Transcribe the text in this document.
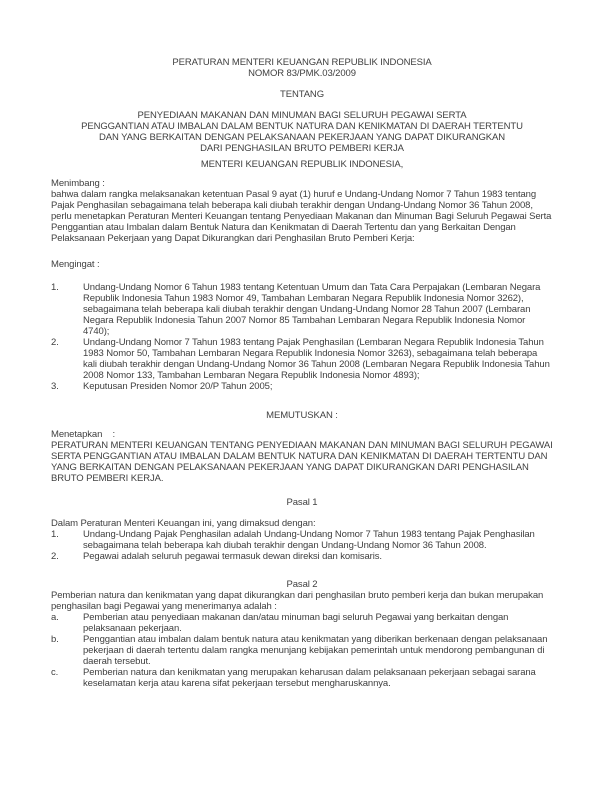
PERATURAN MENTERI KEUANGAN REPUBLIK INDONESIA
NOMOR 83/PMK.03/2009
TENTANG
PENYEDIAAN MAKANAN DAN MINUMAN BAGI SELURUH PEGAWAI SERTA
PENGGANTIAN ATAU IMBALAN DALAM BENTUK NATURA DAN KENIKMATAN DI DAERAH TERTENTU
DAN YANG BERKAITAN DENGAN PELAKSANAAN PEKERJAAN YANG DAPAT DIKURANGKAN
DARI PENGHASILAN BRUTO PEMBERI KERJA
MENTERI KEUANGAN REPUBLIK INDONESIA,
Menimbang :

bahwa dalam rangka melaksanakan ketentuan Pasal 9 ayat (1) huruf e Undang-Undang Nomor 7 Tahun 1983 tentang Pajak Penghasilan sebagaimana telah beberapa kali diubah terakhir dengan Undang-Undang Nomor 36 Tahun 2008, perlu menetapkan Peraturan Menteri Keuangan tentang Penyediaan Makanan dan Minuman Bagi Seluruh Pegawai Serta Penggantian atau Imbalan dalam Bentuk Natura dan Kenikmatan di Daerah Tertentu dan yang Berkaitan Dengan Pelaksanaan Pekerjaan yang Dapat Dikurangkan dari Penghasilan Bruto Pemberi Kerja:

Mengingat :
1.	Undang-Undang Nomor 6 Tahun 1983 tentang Ketentuan Umum dan Tata Cara Perpajakan (Lembaran Negara Republik Indonesia Tahun 1983 Nomor 49, Tambahan Lembaran Negara Republik Indonesia Nomor 3262), sebagaimana telah beberapa kali diubah terakhir dengan Undang-Undang Nomor 28 Tahun 2007 (Lembaran Negara Republik Indonesia Tahun 2007 Nomor 85 Tambahan Lembaran Negara Republik Indonesia Nomor 4740);
2.	Undang-Undang Nomor 7 Tahun 1983 tentang Pajak Penghasilan (Lembaran Negara Republik Indonesia Tahun 1983 Nomor 50, Tambahan Lembaran Negara Republik Indonesia Nomor 3263), sebagaimana telah beberapa kali diubah terakhir dengan Undang-Undang Nomor 36 Tahun 2008 (Lembaran Negara Republik Indonesia Tahun 2008 Nomor 133, Tambahan Lembaran Negara Republik Indonesia Nomor 4893);
3.	Keputusan Presiden Nomor 20/P Tahun 2005;
MEMUTUSKAN :
Menetapkan    :

PERATURAN MENTERI KEUANGAN TENTANG PENYEDIAAN MAKANAN DAN MINUMAN BAGI SELURUH PEGAWAI SERTA PENGGANTIAN ATAU IMBALAN DALAM BENTUK NATURA DAN KENIKMATAN DI DAERAH TERTENTU DAN YANG BERKAITAN DENGAN PELAKSANAAN PEKERJAAN YANG DAPAT DIKURANGKAN DARI PENGHASILAN BRUTO PEMBERI KERJA.

Pasal 1
Dalam Peraturan Menteri Keuangan ini, yang dimaksud dengan:
1.	Undang-Undang Pajak Penghasilan adalah Undang-Undang Nomor 7 Tahun 1983 tentang Pajak Penghasilan sebagaimana telah beberapa kah diubah terakhir dengan Undang-Undang Nomor 36 Tahun 2008.
2.	Pegawai adalah seluruh pegawai termasuk dewan direksi dan komisaris.
Pasal 2

Pemberian natura dan kenikmatan yang dapat dikurangkan dari penghasilan bruto pemberi kerja dan bukan merupakan penghasilan bagi Pegawai yang menerimanya adalah :

a.	Pemberian atau penyediaan makanan dan/atau minuman bagi seluruh Pegawai yang berkaitan dengan pelaksanaan pekerjaan.
b.	Penggantian atau imbalan dalam bentuk natura atau kenikmatan yang diberikan berkenaan dengan pelaksanaan pekerjaan di daerah tertentu dalam rangka menunjang kebijakan pemerintah untuk mendorong pembangunan di daerah tersebut.
c.	Pemberian natura dan kenikmatan yang merupakan keharusan dalam pelaksanaan pekerjaan sebagai sarana keselamatan kerja atau karena sifat pekerjaan tersebut mengharuskannya.
